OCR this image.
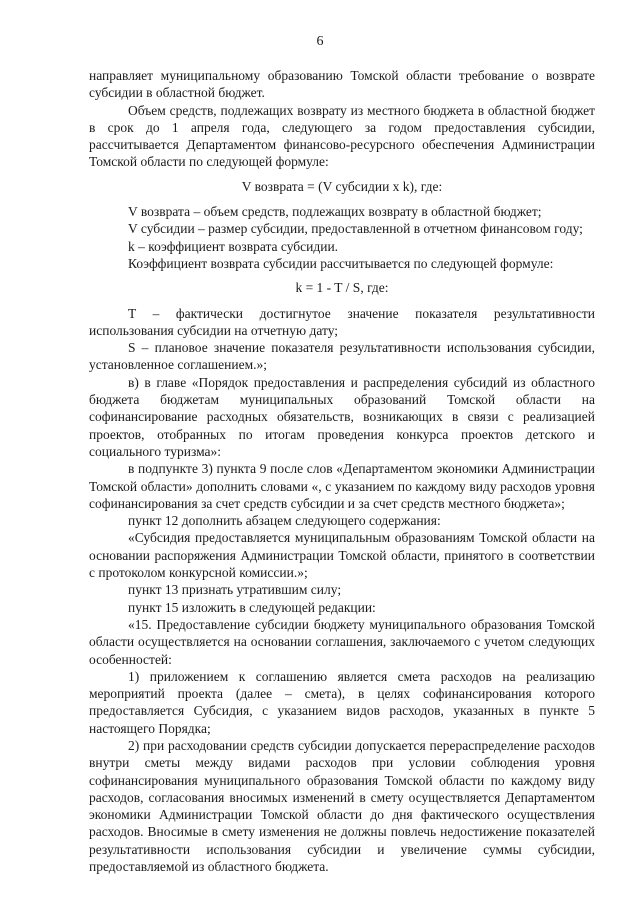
6

направляет муниципальному образованию Томской области требование о возврате субсидии в областной бюджет.

Объем средств, подлежащих возврату из местного бюджета в областной бюджет в срок до 1 апреля года, следующего за годом предоставления субсидии, рассчитывается Департаментом финансово-ресурсного обеспечения Администрации Томской области по следующей формуле:

V возврата = (V субсидии x k), где:

V возврата – объем средств, подлежащих возврату в областной бюджет;

V субсидии – размер субсидии, предоставленной в отчетном финансовом году;

k – коэффициент возврата субсидии.

Коэффициент возврата субсидии рассчитывается по следующей формуле:

k = 1 - T / S, где:

T – фактически достигнутое значение показателя результативности использования субсидии на отчетную дату;

S – плановое значение показателя результативности использования субсидии, установленное соглашением.»;

в) в главе «Порядок предоставления и распределения субсидий из областного бюджета бюджетам муниципальных образований Томской области на софинансирование расходных обязательств, возникающих в связи с реализацией проектов, отобранных по итогам проведения конкурса проектов детского и социального туризма»:

в подпункте 3) пункта 9 после слов «Департаментом экономики Администрации Томской области» дополнить словами «, с указанием по каждому виду расходов уровня софинансирования за счет средств субсидии и за счет средств местного бюджета»;

пункт 12 дополнить абзацем следующего содержания:

«Субсидия предоставляется муниципальным образованиям Томской области на основании распоряжения Администрации Томской области, принятого в соответствии с протоколом конкурсной комиссии.»;

пункт 13 признать утратившим силу;

пункт 15 изложить в следующей редакции:

«15. Предоставление субсидии бюджету муниципального образования Томской области осуществляется на основании соглашения, заключаемого с учетом следующих особенностей:

1) приложением к соглашению является смета расходов на реализацию мероприятий проекта (далее – смета), в целях софинансирования которого предоставляется Субсидия, с указанием видов расходов, указанных в пункте 5 настоящего Порядка;

2) при расходовании средств субсидии допускается перераспределение расходов внутри сметы между видами расходов при условии соблюдения уровня софинансирования муниципального образования Томской области по каждому виду расходов, согласования вносимых изменений в смету осуществляется Департаментом экономики Администрации Томской области до дня фактического осуществления расходов. Вносимые в смету изменения не должны повлечь недостижение показателей результативности использования субсидии и увеличение суммы субсидии, предоставляемой из областного бюджета.
